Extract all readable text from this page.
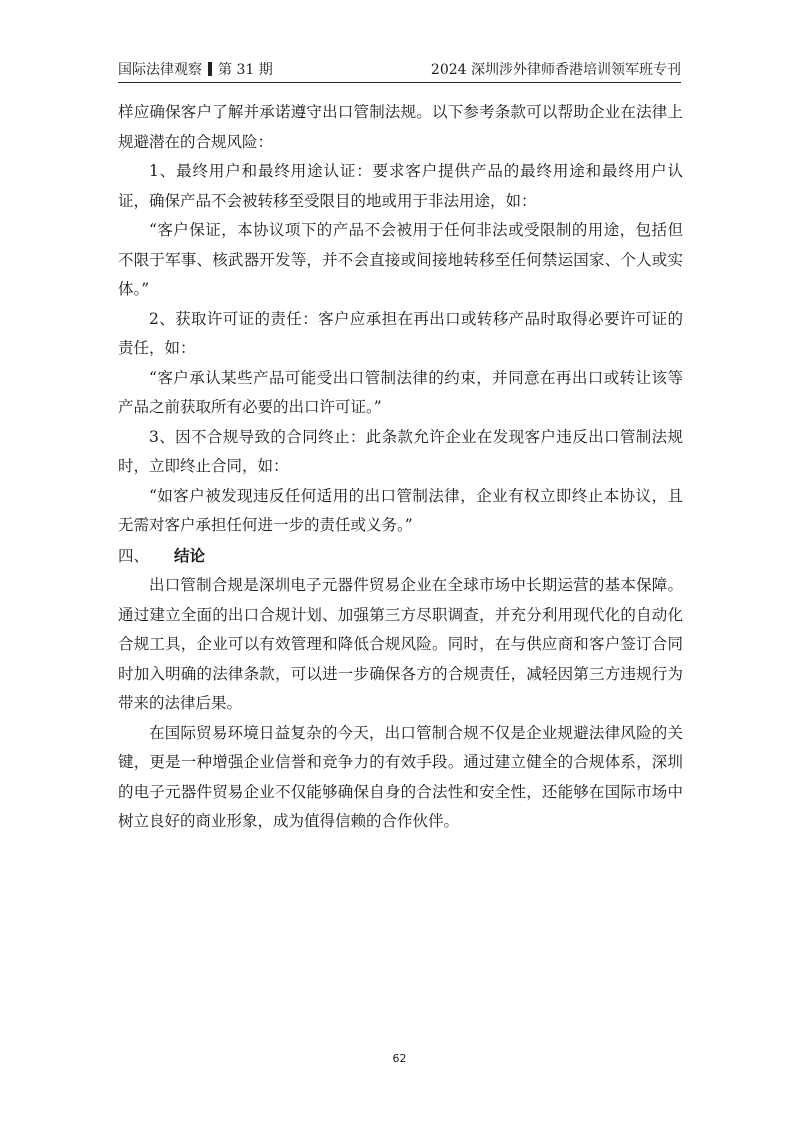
国际法律观察 第 31 期	2024 深圳涉外律师香港培训领军班专刊

样应确保客户了解并承诺遵守出口管制法规。以下参考条款可以帮助企业在法律上规避潜在的合规风险：

1、最终用户和最终用途认证：要求客户提供产品的最终用途和最终用户认证，确保产品不会被转移至受限目的地或用于非法用途，如：

“客户保证，本协议项下的产品不会被用于任何非法或受限制的用途，包括但不限于军事、核武器开发等，并不会直接或间接地转移至任何禁运国家、个人或实体。”

2、获取许可证的责任：客户应承担在再出口或转移产品时取得必要许可证的责任，如：

“客户承认某些产品可能受出口管制法律的约束，并同意在再出口或转让该等产品之前获取所有必要的出口许可证。”

3、因不合规导致的合同终止：此条款允许企业在发现客户违反出口管制法规时，立即终止合同，如：

“如客户被发现违反任何适用的出口管制法律，企业有权立即终止本协议，且无需对客户承担任何进一步的责任或义务。”

四、 结论

出口管制合规是深圳电子元器件贸易企业在全球市场中长期运营的基本保障。通过建立全面的出口合规计划、加强第三方尽职调查，并充分利用现代化的自动化合规工具，企业可以有效管理和降低合规风险。同时，在与供应商和客户签订合同时加入明确的法律条款，可以进一步确保各方的合规责任，减轻因第三方违规行为带来的法律后果。

在国际贸易环境日益复杂的今天，出口管制合规不仅是企业规避法律风险的关键，更是一种增强企业信誉和竞争力的有效手段。通过建立健全的合规体系，深圳的电子元器件贸易企业不仅能够确保自身的合法性和安全性，还能够在国际市场中树立良好的商业形象，成为值得信赖的合作伙伴。

62
